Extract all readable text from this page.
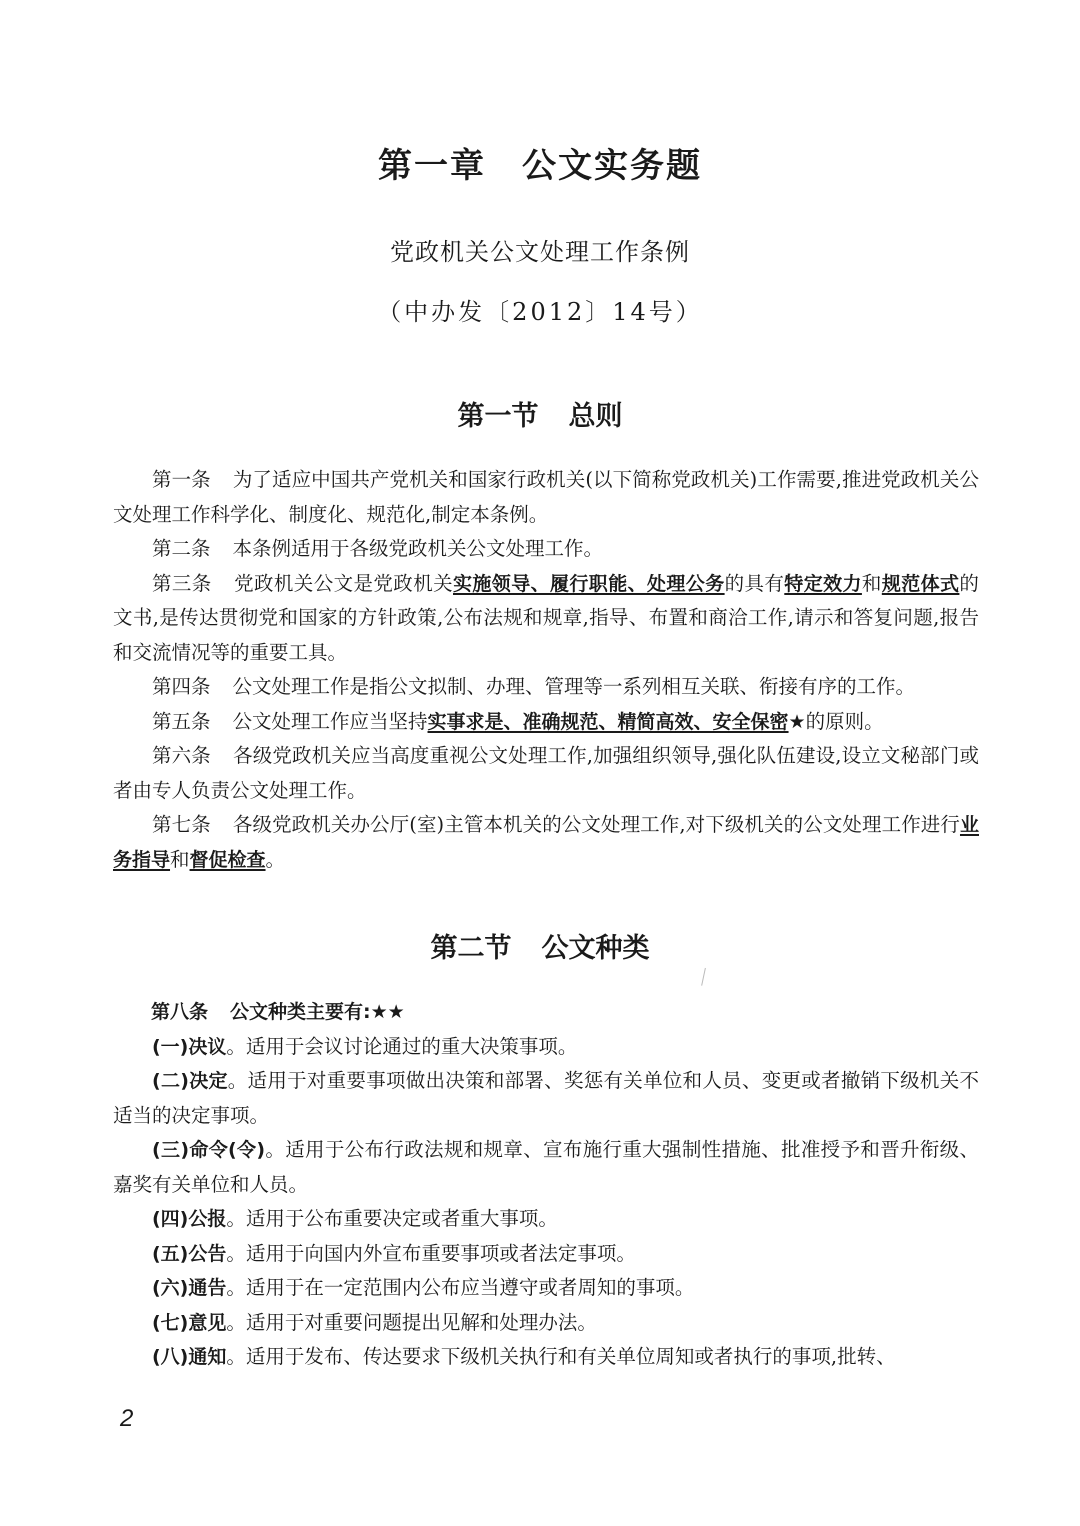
第一章 公文实务题
党政机关公文处理工作条例
（中办发〔2012〕14号）
第一节 总则

第一条 为了适应中国共产党机关和国家行政机关(以下简称党政机关)工作需要,推进党政机关公文处理工作科学化、制度化、规范化,制定本条例。

第二条 本条例适用于各级党政机关公文处理工作。

第三条 党政机关公文是党政机关实施领导、履行职能、处理公务的具有特定效力和规范体式的文书,是传达贯彻党和国家的方针政策,公布法规和规章,指导、布置和商洽工作,请示和答复问题,报告和交流情况等的重要工具。

第四条 公文处理工作是指公文拟制、办理、管理等一系列相互关联、衔接有序的工作。

第五条 公文处理工作应当坚持实事求是、准确规范、精简高效、安全保密★的原则。

第六条 各级党政机关应当高度重视公文处理工作,加强组织领导,强化队伍建设,设立文秘部门或者由专人负责公文处理工作。

第七条 各级党政机关办公厅(室)主管本机关的公文处理工作,对下级机关的公文处理工作进行业务指导和督促检查。

第二节 公文种类

第八条 公文种类主要有:★★

(一)决议。适用于会议讨论通过的重大决策事项。

(二)决定。适用于对重要事项做出决策和部署、奖惩有关单位和人员、变更或者撤销下级机关不适当的决定事项。

(三)命令(令)。适用于公布行政法规和规章、宣布施行重大强制性措施、批准授予和晋升衔级、嘉奖有关单位和人员。

(四)公报。适用于公布重要决定或者重大事项。

(五)公告。适用于向国内外宣布重要事项或者法定事项。

(六)通告。适用于在一定范围内公布应当遵守或者周知的事项。

(七)意见。适用于对重要问题提出见解和处理办法。

(八)通知。适用于发布、传达要求下级机关执行和有关单位周知或者执行的事项,批转、

2
